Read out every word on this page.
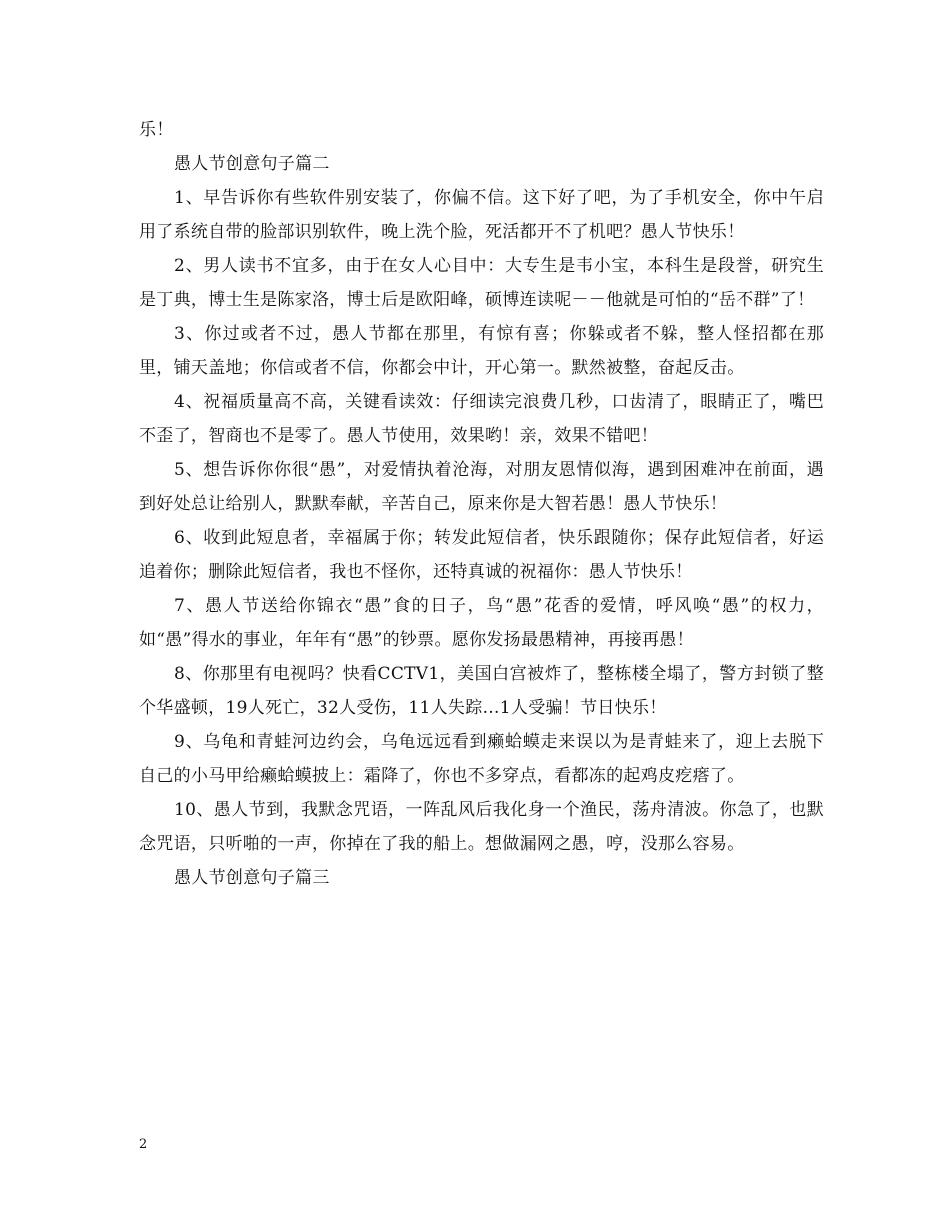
乐！

愚人节创意句子篇二

1、早告诉你有些软件别安装了，你偏不信。这下好了吧，为了手机安全，你中午启用了系统自带的脸部识别软件，晚上洗个脸，死活都开不了机吧？愚人节快乐！

2、男人读书不宜多，由于在女人心目中：大专生是韦小宝，本科生是段誉，研究生是丁典，博士生是陈家洛，博士后是欧阳峰，硕博连读呢－－他就是可怕的“岳不群”了！

3、你过或者不过，愚人节都在那里，有惊有喜；你躲或者不躲，整人怪招都在那里，铺天盖地；你信或者不信，你都会中计，开心第一。默然被整，奋起反击。

4、祝福质量高不高，关键看读效：仔细读完浪费几秒，口齿清了，眼睛正了，嘴巴不歪了，智商也不是零了。愚人节使用，效果哟！亲，效果不错吧！

5、想告诉你你很“愚”，对爱情执着沧海，对朋友恩情似海，遇到困难冲在前面，遇到好处总让给别人，默默奉献，辛苦自己，原来你是大智若愚！愚人节快乐！

6、收到此短息者，幸福属于你；转发此短信者，快乐跟随你；保存此短信者，好运追着你；删除此短信者，我也不怪你，还特真诚的祝福你：愚人节快乐！

7、愚人节送给你锦衣“愚”食的日子，鸟“愚”花香的爱情，呼风唤“愚”的权力，如“愚”得水的事业，年年有“愚”的钞票。愿你发扬最愚精神，再接再愚！

8、你那里有电视吗？快看CCTV1，美国白宫被炸了，整栋楼全塌了，警方封锁了整个华盛顿，19人死亡，32人受伤，11人失踪…1人受骗！节日快乐！

9、乌龟和青蛙河边约会，乌龟远远看到癞蛤蟆走来误以为是青蛙来了，迎上去脱下自己的小马甲给癞蛤蟆披上：霜降了，你也不多穿点，看都冻的起鸡皮疙瘩了。

10、愚人节到，我默念咒语，一阵乱风后我化身一个渔民，荡舟清波。你急了，也默念咒语，只听啪的一声，你掉在了我的船上。想做漏网之愚，哼，没那么容易。

愚人节创意句子篇三

2
